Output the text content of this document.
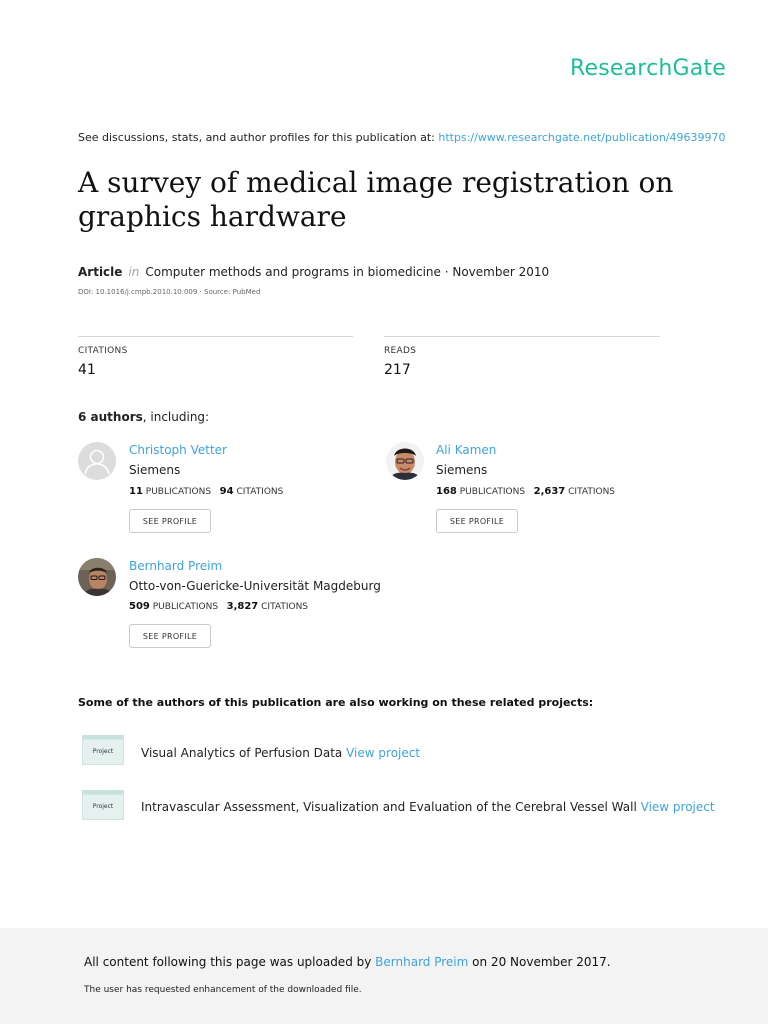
ResearchGate
See discussions, stats, and author profiles for this publication at: https://www.researchgate.net/publication/49639970
A survey of medical image registration on graphics hardware
Article in Computer methods and programs in biomedicine · November 2010
DOI: 10.1016/j.cmpb.2010.10.009 · Source: PubMed
CITATIONS
41
READS
217
6 authors, including:
Christoph Vetter
Siemens
11 PUBLICATIONS 94 CITATIONS
SEE PROFILE
Ali Kamen
Siemens
168 PUBLICATIONS 2,637 CITATIONS
SEE PROFILE
Bernhard Preim
Otto-von-Guericke-Universität Magdeburg
509 PUBLICATIONS 3,827 CITATIONS
SEE PROFILE
Some of the authors of this publication are also working on these related projects:
Project	Visual Analytics of Perfusion Data View project
Project	Intravascular Assessment, Visualization and Evaluation of the Cerebral Vessel Wall View project
All content following this page was uploaded by Bernhard Preim on 20 November 2017.
The user has requested enhancement of the downloaded file.
